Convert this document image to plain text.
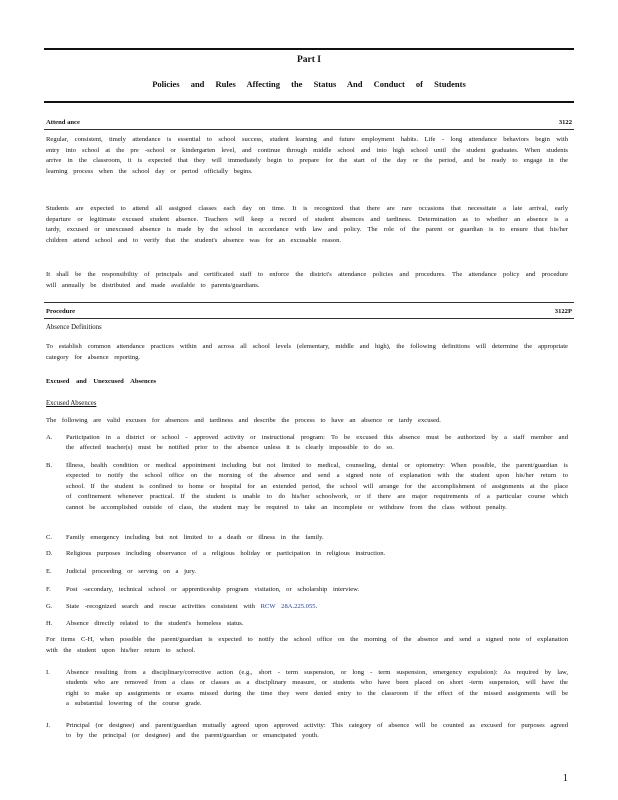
Part I
Policies and Rules Affecting the Status And Conduct of Students
Attend ance	3122
Regular, consistent, timely attendance is essential to school success, student learning and future employment habits. Life - long attendance behaviors begin with entry into school at the pre -school or kindergarten level, and continue through middle school and into high school until the student graduates. When students arrive in the classroom, it is expected that they will immediately begin to prepare for the start of the day or the period, and be ready to engage in the learning process when the school day or period officially begins.
Students are expected to attend all assigned classes each day on time. It is recognized that there are rare occasions that necessitate a late arrival, early departure or legitimate excused student absence. Teachers will keep a record of student absences and tardiness. Determination as to whether an absence is a tardy, excused or unexcused absence is made by the school in accordance with law and policy. The role of the parent or guardian is to ensure that his/her children attend school and to verify that the student's absence was for an excusable reason.
It shall be the responsibility of principals and certificated staff to enforce the district's attendance policies and procedures. The attendance policy and procedure will annually be distributed and made available to parents/guardians.
Procedure	3122P
Absence Definitions
To establish common attendance practices within and across all school levels (elementary, middle and high), the following definitions will determine the appropriate category for absence reporting.
Excused and Unexcused Absences
Excused Absences
The following are valid excuses for absences and tardiness and describe the process to have an absence or tardy excused.
A.	Participation in a district or school - approved activity or instructional program: To be excused this absence must be authorized by a staff member and the affected teacher(s) must be notified prior to the absence unless it is clearly impossible to do so.
B.	Illness, health condition or medical appointment including but not limited to medical, counseling, dental or optometry: When possible, the parent/guardian is expected to notify the school office on the morning of the absence and send a signed note of explanation with the student upon his/her return to school. If the student is confined to home or hospital for an extended period, the school will arrange for the accomplishment of assignments at the place of confinement whenever practical. If the student is unable to do his/her schoolwork, or if there are major requirements of a particular course which cannot be accomplished outside of class, the student may be required to take an incomplete or withdraw from the class without penalty.
C.	Family emergency including but not limited to a death or illness in the family.
D.	Religious purposes including observance of a religious holiday or participation in religious instruction.
E.	Judicial proceeding or serving on a jury.
F.	Post -secondary, technical school or apprenticeship program visitation, or scholarship interview.
G.	State -recognized search and rescue activities consistent with RCW 28A.225.055.
H.	Absence directly related to the student's homeless status.
For items C-H, when possible the parent/guardian is expected to notify the school office on the morning of the absence and send a signed note of explanation with the student upon his/her return to school.
I.	Absence resulting from a disciplinary/corrective action (e.g., short - term suspension, or long - term suspension, emergency expulsion): As required by law, students who are removed from a class or classes as a disciplinary measure, or students who have been placed on short -term suspension, will have the right to make up assignments or exams missed during the time they were denied entry to the classroom if the effect of the missed assignments will be a substantial lowering of the course grade.
J.	Principal (or designee) and parent/guardian mutually agreed upon approved activity: This category of absence will be counted as excused for purposes agreed to by the principal (or designee) and the parent/guardian or emancipated youth.
1
